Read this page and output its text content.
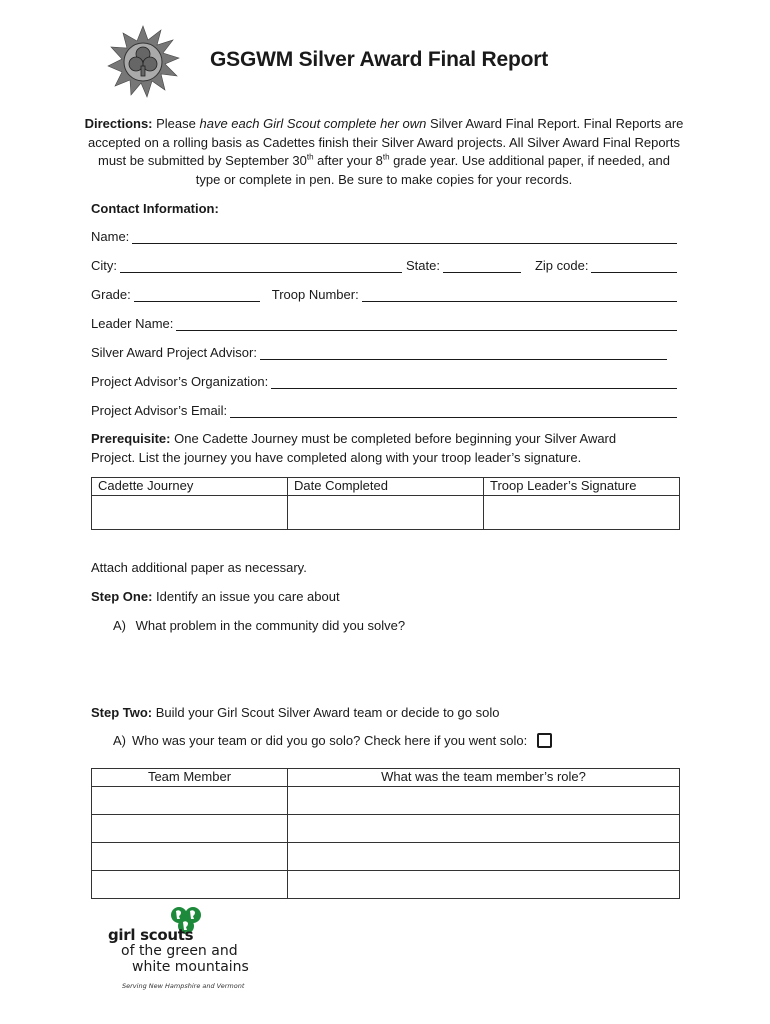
GSGWM Silver Award Final Report
Directions: Please have each Girl Scout complete her own Silver Award Final Report. Final Reports are accepted on a rolling basis as Cadettes finish their Silver Award projects. All Silver Award Final Reports must be submitted by September 30th after your 8th grade year. Use additional paper, if needed, and type or complete in pen. Be sure to make copies for your records.
Contact Information:
Name:
City:	State:	Zip code:
Grade:	Troop Number:
Leader Name:
Silver Award Project Advisor:
Project Advisor’s Organization:
Project Advisor’s Email:
Prerequisite: One Cadette Journey must be completed before beginning your Silver Award Project. List the journey you have completed along with your troop leader’s signature.
Cadette Journey	Date Completed	Troop Leader’s Signature

Attach additional paper as necessary.
Step One: Identify an issue you care about
A) What problem in the community did you solve?
Step Two: Build your Girl Scout Silver Award team or decide to go solo
A) Who was your team or did you go solo? Check here if you went solo:
Team Member	What was the team member’s role?

girl scouts
of the green and
white mountains
Serving New Hampshire and Vermont
